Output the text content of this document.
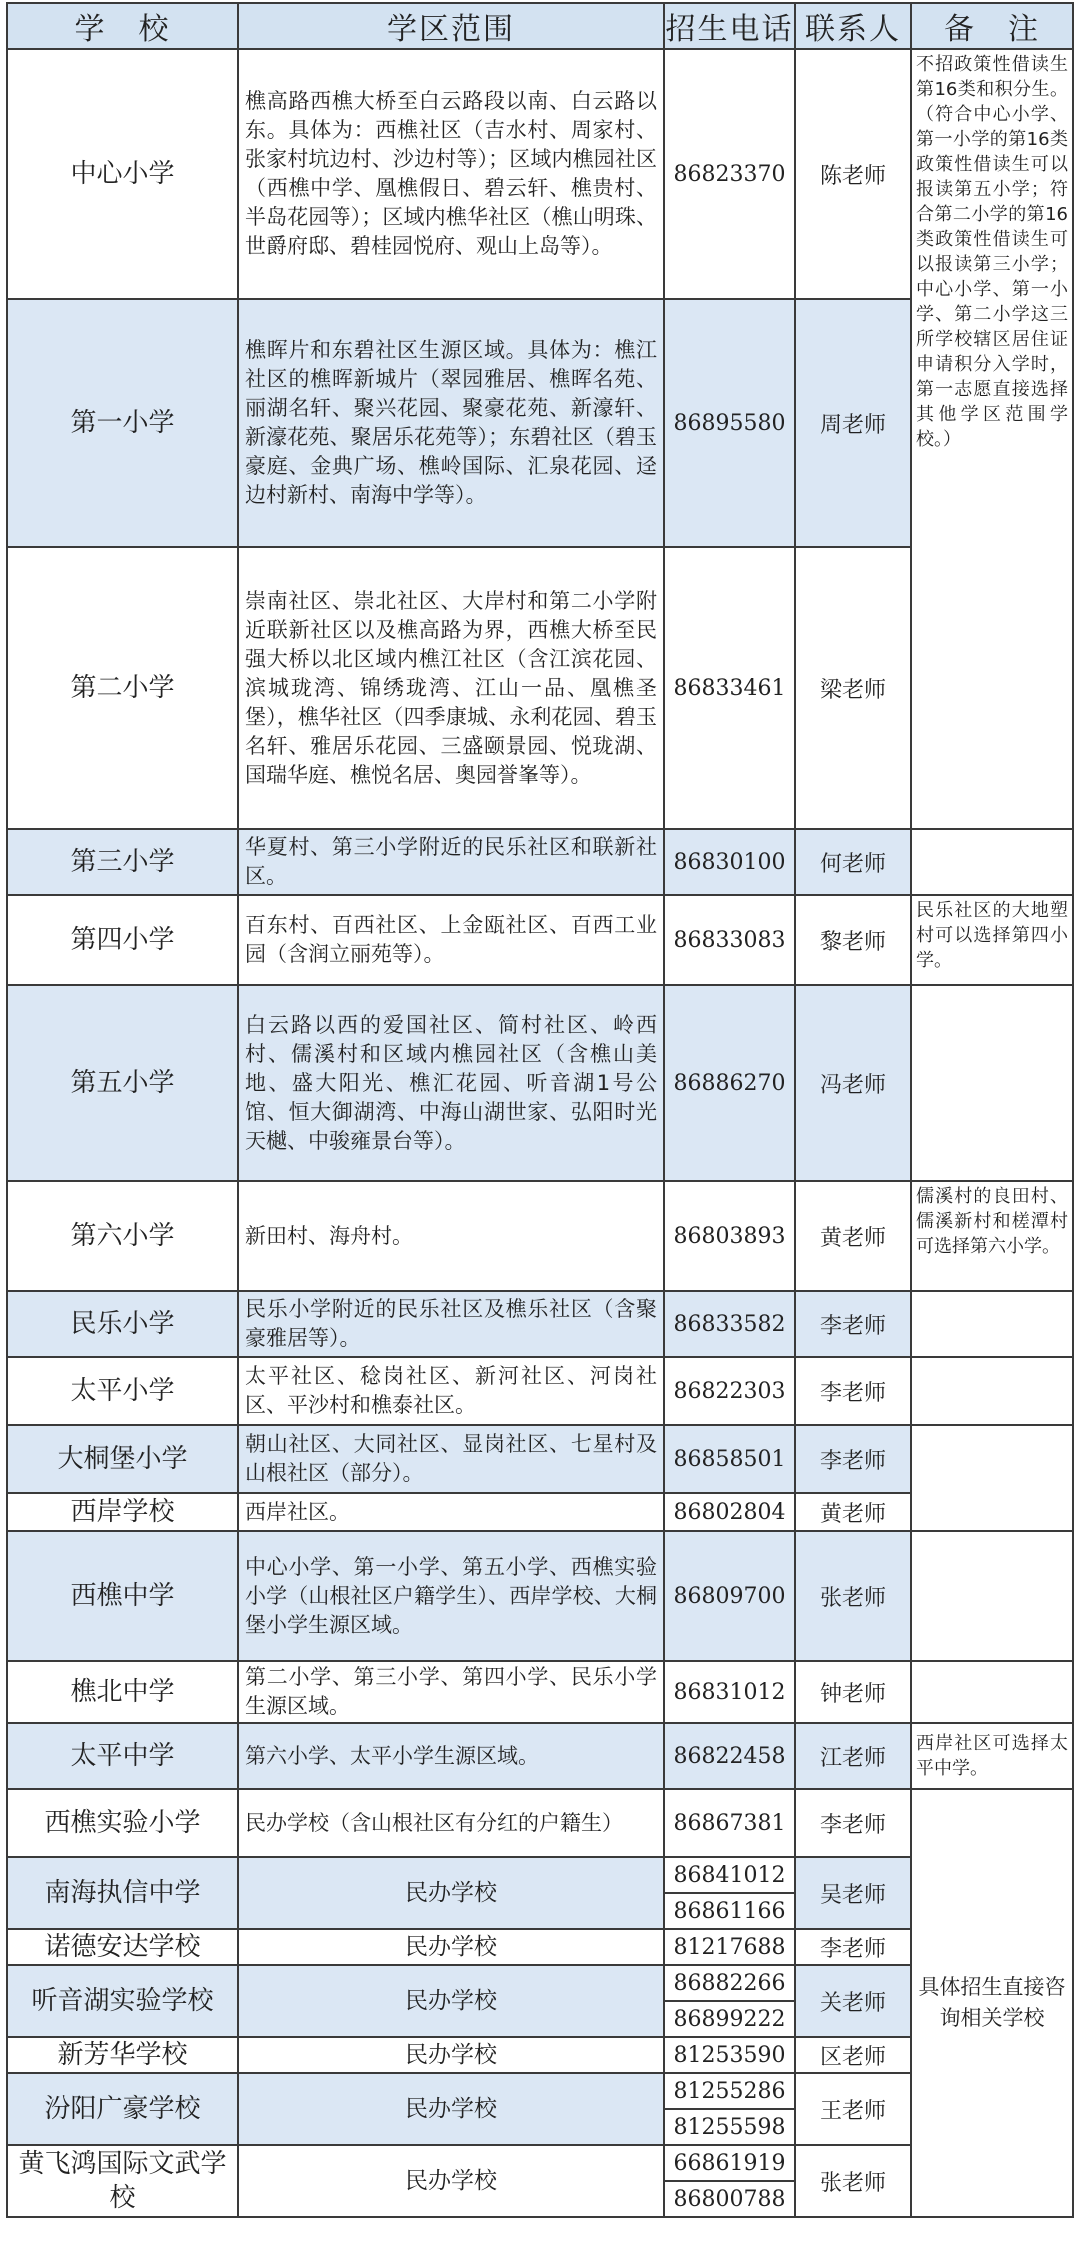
学　校	学区范围	招生电话	联系人	备　注
中心小学	樵高路西樵大桥至白云路段以南、白云路以东。具体为：西樵社区（吉水村、周家村、张家村坑边村、沙边村等）；区域内樵园社区（西樵中学、凰樵假日、碧云轩、樵贵村、半岛花园等）；区域内樵华社区（樵山明珠、世爵府邸、碧桂园悦府、观山上岛等）。	86823370	陈老师	不招政策性借读生第16类和积分生。（符合中心小学、第一小学的第16类政策性借读生可以报读第五小学；符合第二小学的第16类政策性借读生可以报读第三小学；中心小学、第一小学、第二小学这三所学校辖区居住证申请积分入学时，第一志愿直接选择其他学区范围学校。）
第一小学	樵晖片和东碧社区生源区域。具体为：樵江社区的樵晖新城片（翠园雅居、樵晖名苑、丽湖名轩、聚兴花园、聚豪花苑、新濠轩、新濠花苑、聚居乐花苑等）；东碧社区（碧玉豪庭、金典广场、樵岭国际、汇泉花园、迳边村新村、南海中学等）。	86895580	周老师	
第二小学	崇南社区、崇北社区、大岸村和第二小学附近联新社区以及樵高路为界，西樵大桥至民强大桥以北区域内樵江社区（含江滨花园、滨城珑湾、锦绣珑湾、江山一品、凰樵圣堡），樵华社区（四季康城、永利花园、碧玉名轩、雅居乐花园、三盛颐景园、悦珑湖、国瑞华庭、樵悦名居、奥园誉峯等）。	86833461	梁老师	
第三小学	华夏村、第三小学附近的民乐社区和联新社区。	86830100	何老师	
第四小学	百东村、百西社区、上金瓯社区、百西工业园（含润立丽苑等）。	86833083	黎老师	民乐社区的大地塑村可以选择第四小学。
第五小学	白云路以西的爱国社区、简村社区、岭西村、儒溪村和区域内樵园社区（含樵山美地、盛大阳光、樵汇花园、听音湖1号公馆、恒大御湖湾、中海山湖世家、弘阳时光天樾、中骏雍景台等）。	86886270	冯老师	
第六小学	新田村、海舟村。	86803893	黄老师	儒溪村的良田村、儒溪新村和槎潭村可选择第六小学。
民乐小学	民乐小学附近的民乐社区及樵乐社区（含聚豪雅居等）。	86833582	李老师	
太平小学	太平社区、稔岗社区、新河社区、河岗社区、平沙村和樵泰社区。	86822303	李老师	
大桐堡小学	朝山社区、大同社区、显岗社区、七星村及山根社区（部分）。	86858501	李老师	
西岸学校	西岸社区。	86802804	黄老师	
西樵中学	中心小学、第一小学、第五小学、西樵实验小学（山根社区户籍学生）、西岸学校、大桐堡小学生源区域。	86809700	张老师	
樵北中学	第二小学、第三小学、第四小学、民乐小学生源区域。	86831012	钟老师	
太平中学	第六小学、太平小学生源区域。	86822458	江老师	西岸社区可选择太平中学。
西樵实验小学	民办学校（含山根社区有分红的户籍生）	86867381	李老师	具体招生直接咨询相关学校
南海执信中学	民办学校	86841012	吴老师	
		86861166		
诺德安达学校	民办学校	81217688	李老师	
听音湖实验学校	民办学校	86882266	关老师	
		86899222		
新芳华学校	民办学校	81253590	区老师	
汾阳广豪学校	民办学校	81255286	王老师	
		81255598		
黄飞鸿国际文武学校	民办学校	66861919	张老师	
		86800788		
